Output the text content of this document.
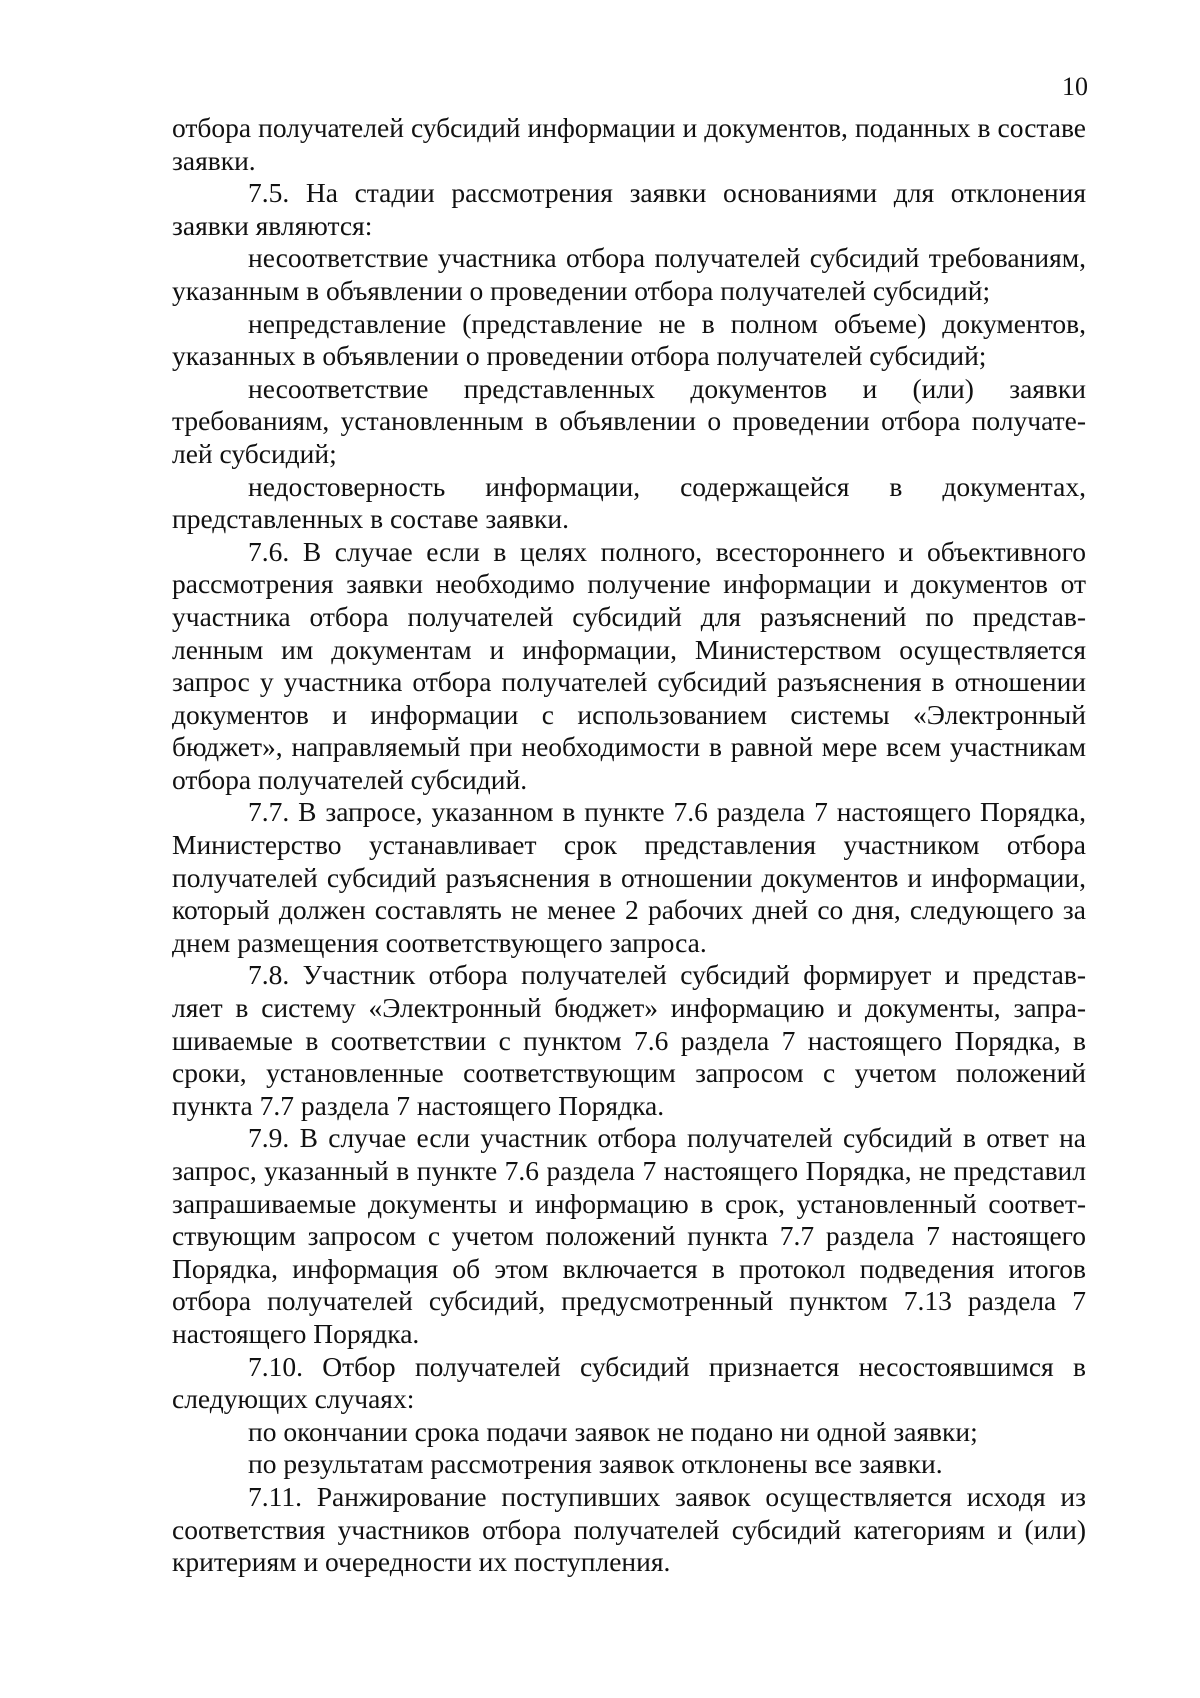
10

отбора получателей субсидий информации и документов, поданных в составе заявки.

7.5. На стадии рассмотрения заявки основаниями для отклонения заявки являются:

несоответствие участника отбора получателей субсидий требованиям, указанным в объявлении о проведении отбора получателей субсидий;

непредставление (представление не в полном объеме) документов, указанных в объявлении о проведении отбора получателей субсидий;

несоответствие представленных документов и (или) заявки требованиям, установленным в объявлении о проведении отбора получате-лей субсидий;

недостоверность информации, содержащейся в документах, представленных в составе заявки.

7.6. В случае если в целях полного, всестороннего и объективного рассмотрения заявки необходимо получение информации и документов от участника отбора получателей субсидий для разъяснений по представ-ленным им документам и информации, Министерством осуществляется запрос у участника отбора получателей субсидий разъяснения в отношении документов и информации с использованием системы «Электронный бюджет», направляемый при необходимости в равной мере всем участникам отбора получателей субсидий.

7.7. В запросе, указанном в пункте 7.6 раздела 7 настоящего Порядка, Министерство устанавливает срок представления участником отбора получателей субсидий разъяснения в отношении документов и информации, который должен составлять не менее 2 рабочих дней со дня, следующего за днем размещения соответствующего запроса.

7.8. Участник отбора получателей субсидий формирует и представ-ляет в систему «Электронный бюджет» информацию и документы, запра-шиваемые в соответствии с пунктом 7.6 раздела 7 настоящего Порядка, в сроки, установленные соответствующим запросом с учетом положений пункта 7.7 раздела 7 настоящего Порядка.

7.9. В случае если участник отбора получателей субсидий в ответ на запрос, указанный в пункте 7.6 раздела 7 настоящего Порядка, не представил запрашиваемые документы и информацию в срок, установленный соответ-ствующим запросом с учетом положений пункта 7.7 раздела 7 настоящего Порядка, информация об этом включается в протокол подведения итогов отбора получателей субсидий, предусмотренный пунктом 7.13 раздела 7 настоящего Порядка.

7.10. Отбор получателей субсидий признается несостоявшимся в следующих случаях:

по окончании срока подачи заявок не подано ни одной заявки;

по результатам рассмотрения заявок отклонены все заявки.

7.11. Ранжирование поступивших заявок осуществляется исходя из соответствия участников отбора получателей субсидий категориям и (или) критериям и очередности их поступления.
